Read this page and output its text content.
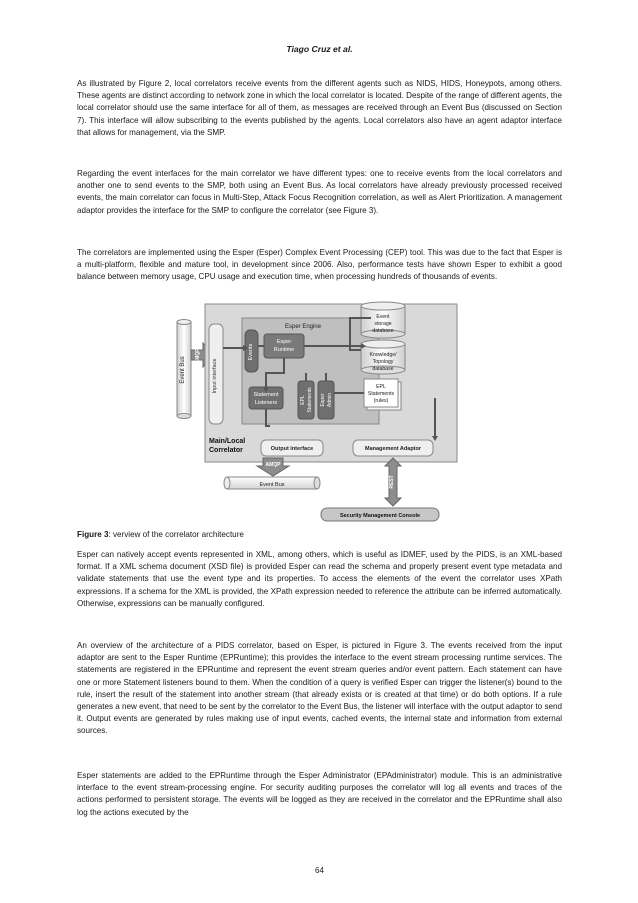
Tiago Cruz et al.

As illustrated by Figure 2, local correlators receive events from the different agents such as NIDS, HIDS, Honeypots, among others. These agents are distinct according to network zone in which the local correlator is located. Despite of the range of different agents, the local correlator should use the same interface for all of them, as messages are received through an Event Bus (discussed on Section 7). This interface will allow subscribing to the events published by the agents. Local correlators also have an agent adaptor interface that allows for management, via the SMP.

Regarding the event interfaces for the main correlator we have different types: one to receive events from the local correlators and another one to send events to the SMP, both using an Event Bus. As local correlators have already previously processed received events, the main correlator can focus in Multi-Step, Attack Focus Recognition correlation, as well as Alert Prioritization. A management adaptor provides the interface for the SMP to configure the correlator (see Figure 3).

The correlators are implemented using the Esper (Esper) Complex Event Processing (CEP) tool. This was due to the fact that Esper is a multi-platform, flexible and mature tool, in development since 2006. Also, performance tests have shown Esper to exhibit a good balance between memory usage, CPU usage and execution time, when processing hundreds of thousands of events.

Event Bus
AMQP
Input interface
Esper Engine
Events
Esper
Runtime
Statement
Listeners	EPL Statements Esper Admin
Event
storage
database
Knowledge/
Topology
database
EPL
Statements
(rules)
Main/Local
Correlator	Output interface	Management Adaptor
AMQP
Event Bus	REST
Security Management Console
Figure 3: verview of the correlator architecture

Esper can natively accept events represented in XML, among others, which is useful as IDMEF, used by the PIDS, is an XML-based format. If a XML schema document (XSD file) is provided Esper can read the schema and properly present event type metadata and validate statements that use the event type and its properties. To access the elements of the event the correlator uses XPath expressions. If a schema for the XML is provided, the XPath expression needed to reference the attribute can be inferred automatically. Otherwise, expressions can be manually configured.

An overview of the architecture of a PIDS correlator, based on Esper, is pictured in Figure 3. The events received from the input adaptor are sent to the Esper Runtime (EPRuntime); this provides the interface to the event stream processing runtime services. The statements are registered in the EPRuntime and represent the event stream queries and/or event pattern. Each statement can have one or more Statement listeners bound to them. When the condition of a query is verified Esper can trigger the listener(s) bound to the rule, insert the result of the statement into another stream (that already exists or is created at that time) or do both options. If a rule generates a new event, that need to be sent by the correlator to the Event Bus, the listener will interface with the output adaptor to send it. Output events are generated by rules making use of input events, cached events, the internal state and information from external sources.

Esper statements are added to the EPRuntime through the Esper Administrator (EPAdministrator) module. This is an administrative interface to the event stream-processing engine. For security auditing purposes the correlator will log all events and traces of the actions performed to persistent storage. The events will be logged as they are received in the correlator and the EPRuntime shall also log the actions executed by the

64
